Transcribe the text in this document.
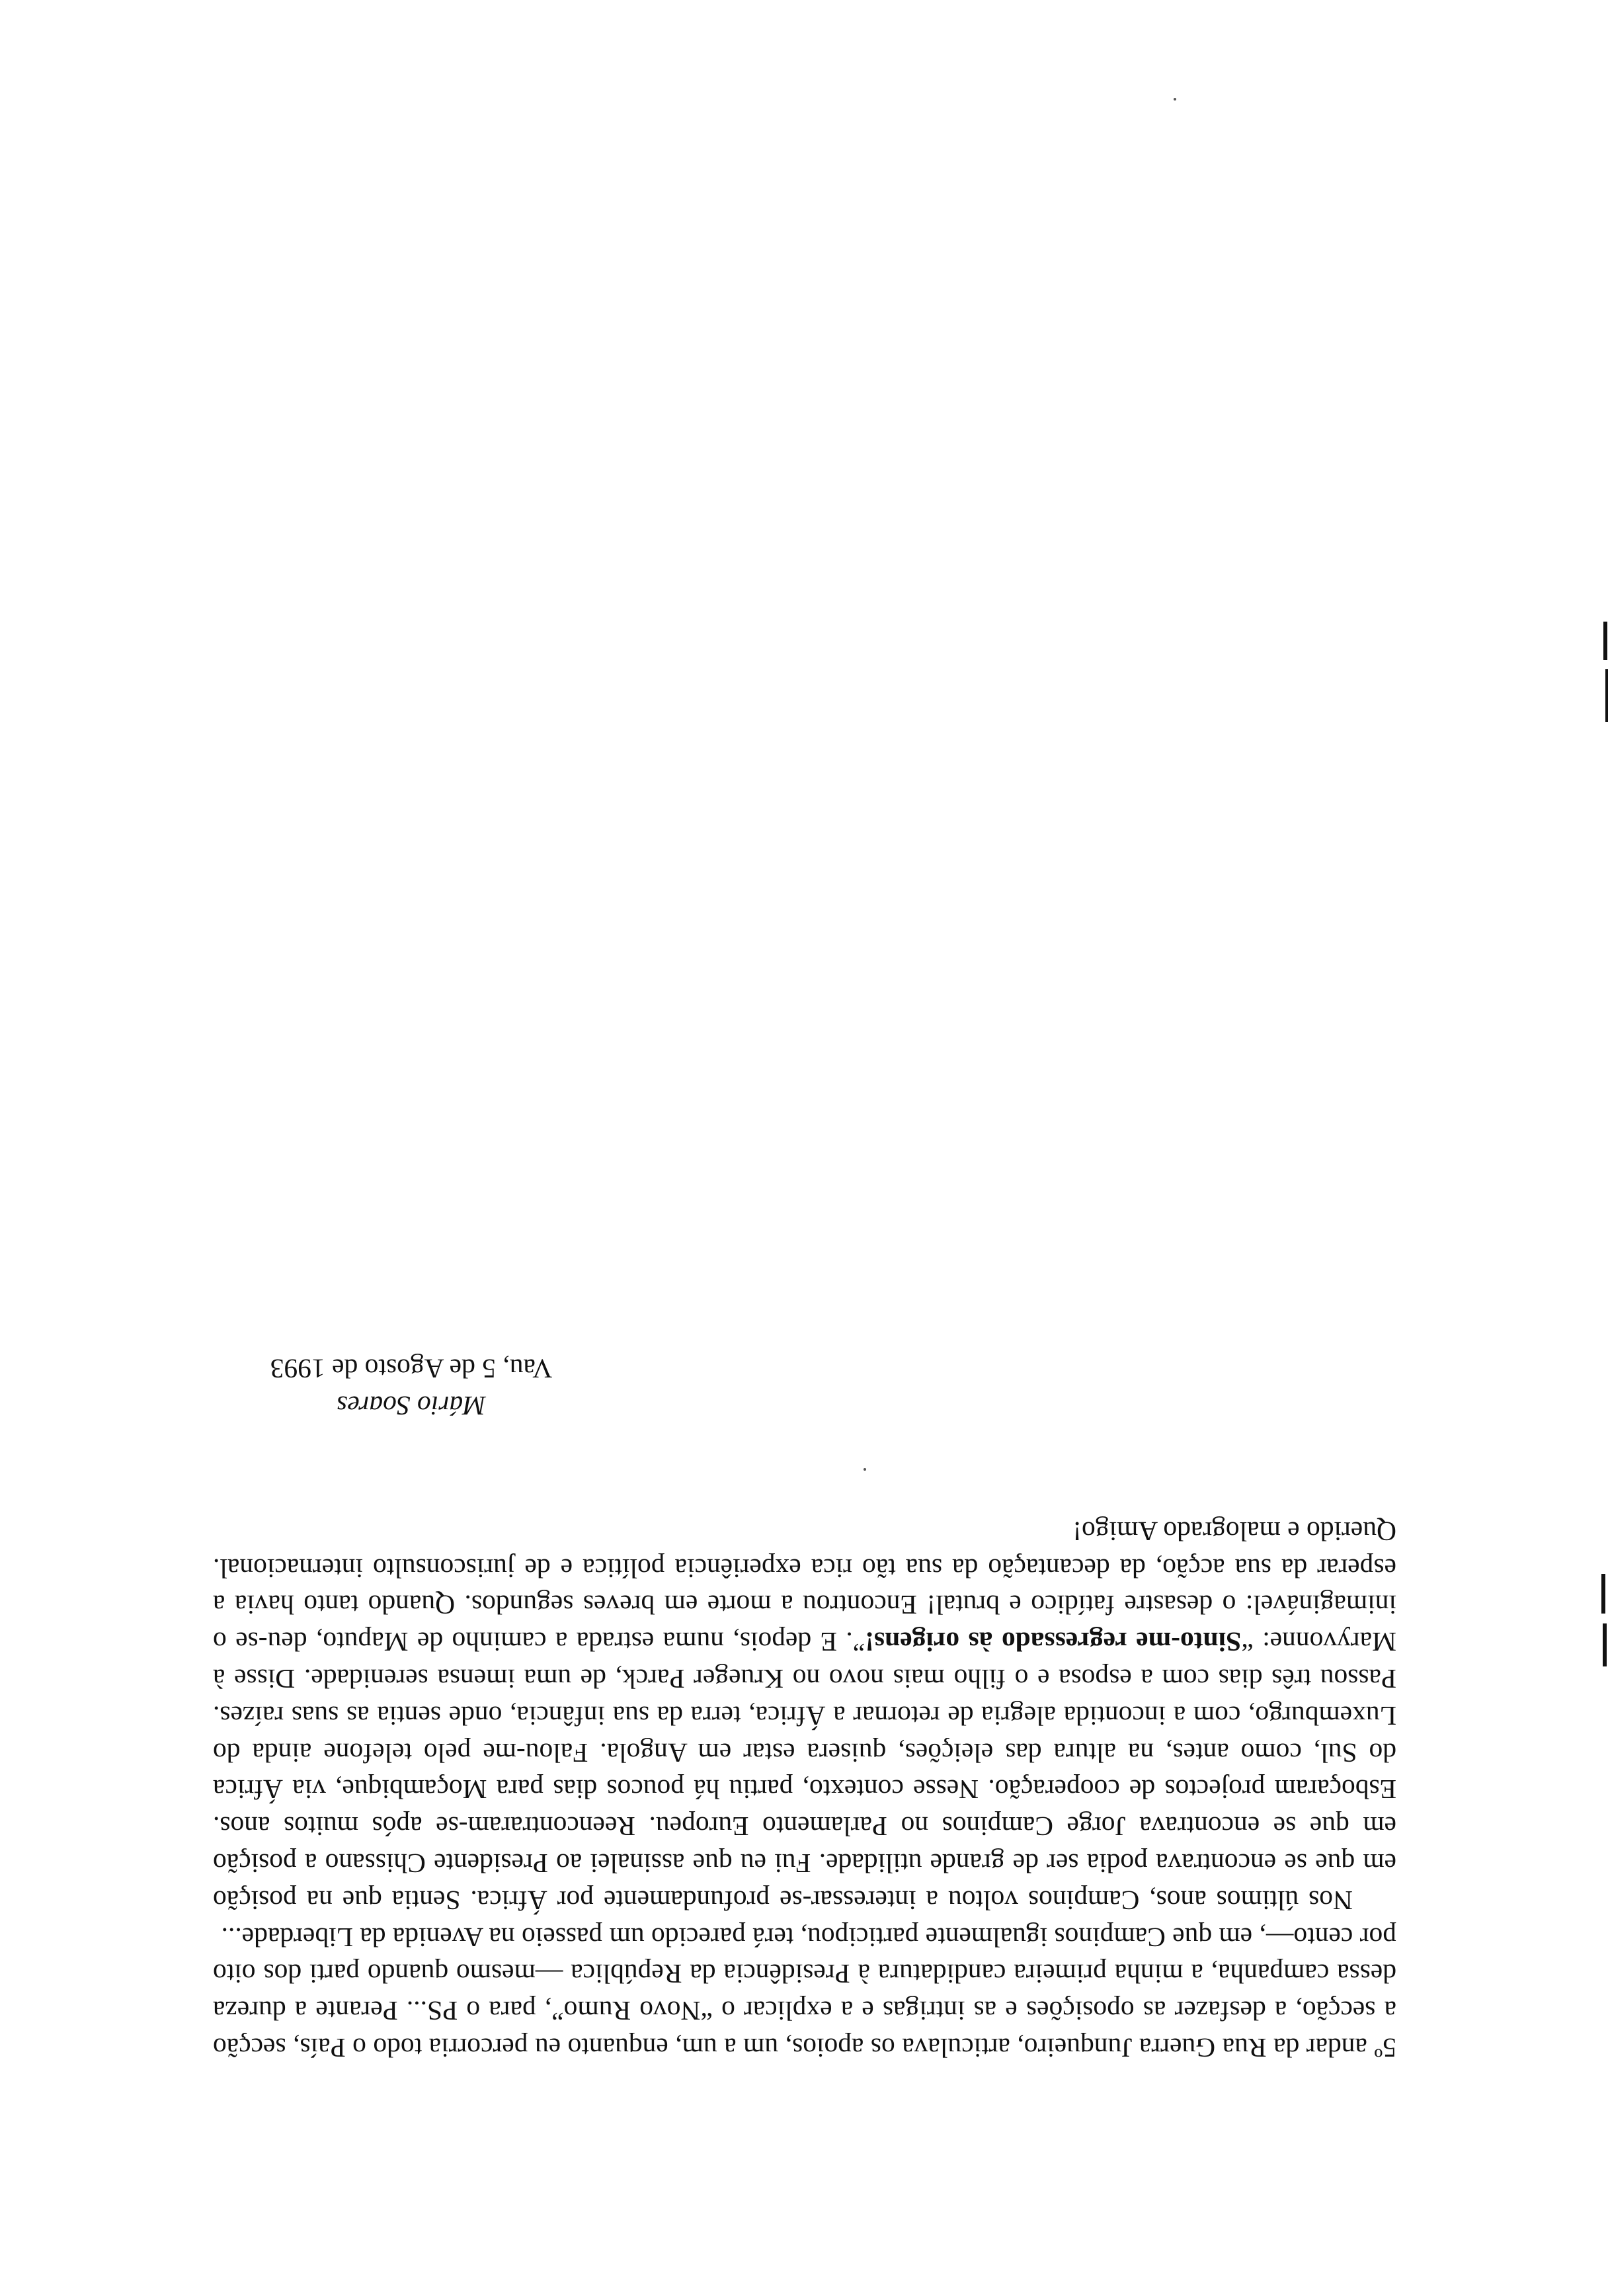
5º andar da Rua Guerra Junqueiro, articulava os apoios, um a um, enquanto eu percorria todo o País, secção a secção, a desfazer as oposições e as intrigas e a explicar o “Novo Rumo”, para o PS... Perante a dureza dessa campanha, a minha primeira candidatura à Presidência da República —mesmo quando parti dos oito por cento—, em que Campinos igualmente participou, terá parecido um passeio na Avenida da Liberdade...

Nos últimos anos, Campinos voltou a interessar-se profundamente por África. Sentia que na posição em que se encontrava podia ser de grande utilidade. Fui eu que assinalei ao Presidente Chissano a posição em que se encontrava Jorge Campinos no Parlamento Europeu. Reencontraram-se após muitos anos. Esboçaram projectos de cooperação. Nesse contexto, partiu há poucos dias para Moçambique, via África do Sul, como antes, na altura das eleições, quisera estar em Angola. Falou-me pelo telefone ainda do Luxemburgo, com a incontida alegria de retornar a África, terra da sua infância, onde sentia as suas raízes. Passou três dias com a esposa e o filho mais novo no Krueger Parck, de uma imensa serenidade. Disse à Maryvonne: “Sinto-me regressado às origens!”. E depois, numa estrada a caminho de Maputo, deu-se o inimaginável: o desastre fatídico e brutal! Encontrou a morte em breves segundos. Quando tanto havia a esperar da sua acção, da decantação da sua tão rica experiência política e de jurisconsulto internacional. Querido e malogrado Amigo!

Mário Soares
Vau, 5 de Agosto de 1993
